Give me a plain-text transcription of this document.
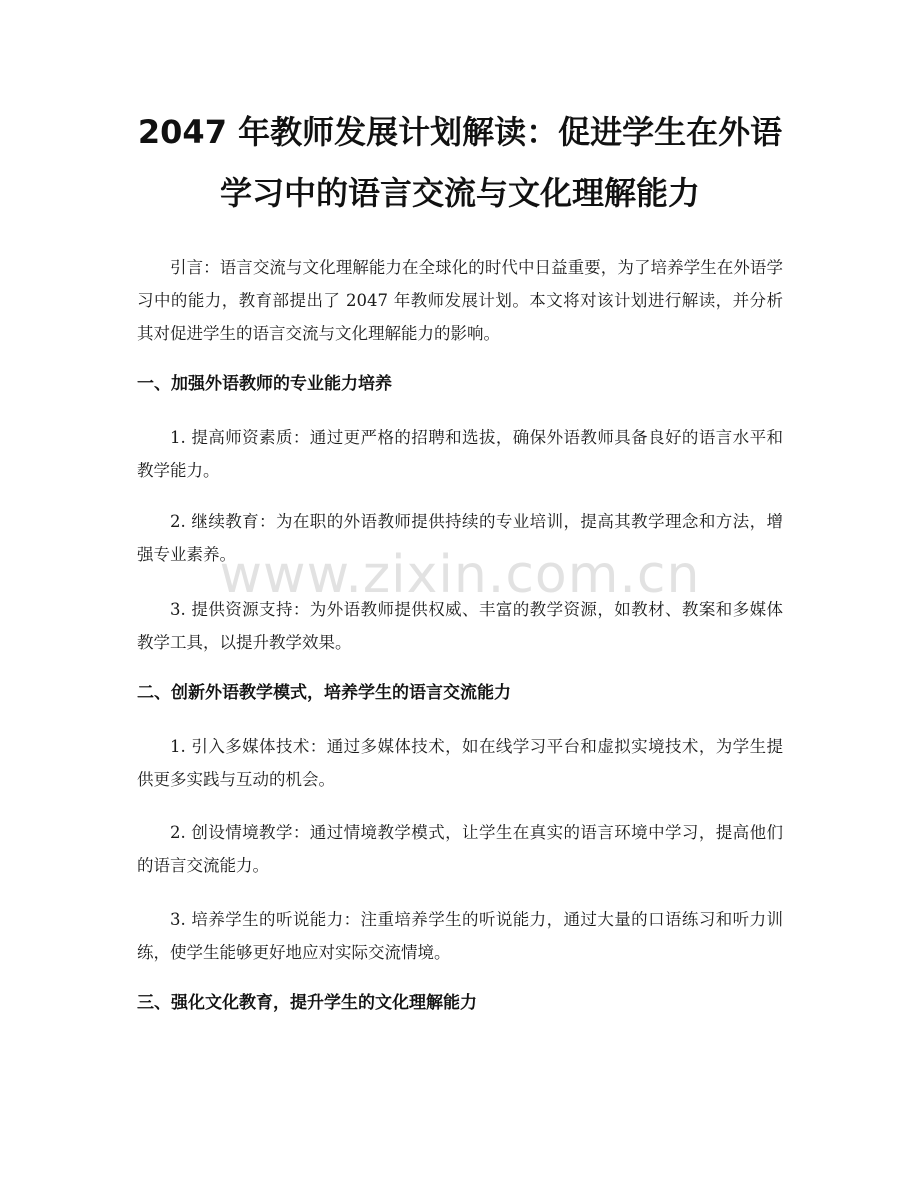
2047 年教师发展计划解读：促进学生在外语
学习中的语言交流与文化理解能力

引言：语言交流与文化理解能力在全球化的时代中日益重要，为了培养学生在外语学习中的能力，教育部提出了 2047 年教师发展计划。本文将对该计划进行解读，并分析其对促进学生的语言交流与文化理解能力的影响。

一、加强外语教师的专业能力培养

1. 提高师资素质：通过更严格的招聘和选拔，确保外语教师具备良好的语言水平和教学能力。

2. 继续教育：为在职的外语教师提供持续的专业培训，提高其教学理念和方法，增强专业素养。

3. 提供资源支持：为外语教师提供权威、丰富的教学资源，如教材、教案和多媒体教学工具，以提升教学效果。

二、创新外语教学模式，培养学生的语言交流能力

1. 引入多媒体技术：通过多媒体技术，如在线学习平台和虚拟实境技术，为学生提供更多实践与互动的机会。

2. 创设情境教学：通过情境教学模式，让学生在真实的语言环境中学习，提高他们的语言交流能力。

3. 培养学生的听说能力：注重培养学生的听说能力，通过大量的口语练习和听力训练，使学生能够更好地应对实际交流情境。

三、强化文化教育，提升学生的文化理解能力
www.zixin.com.cn
